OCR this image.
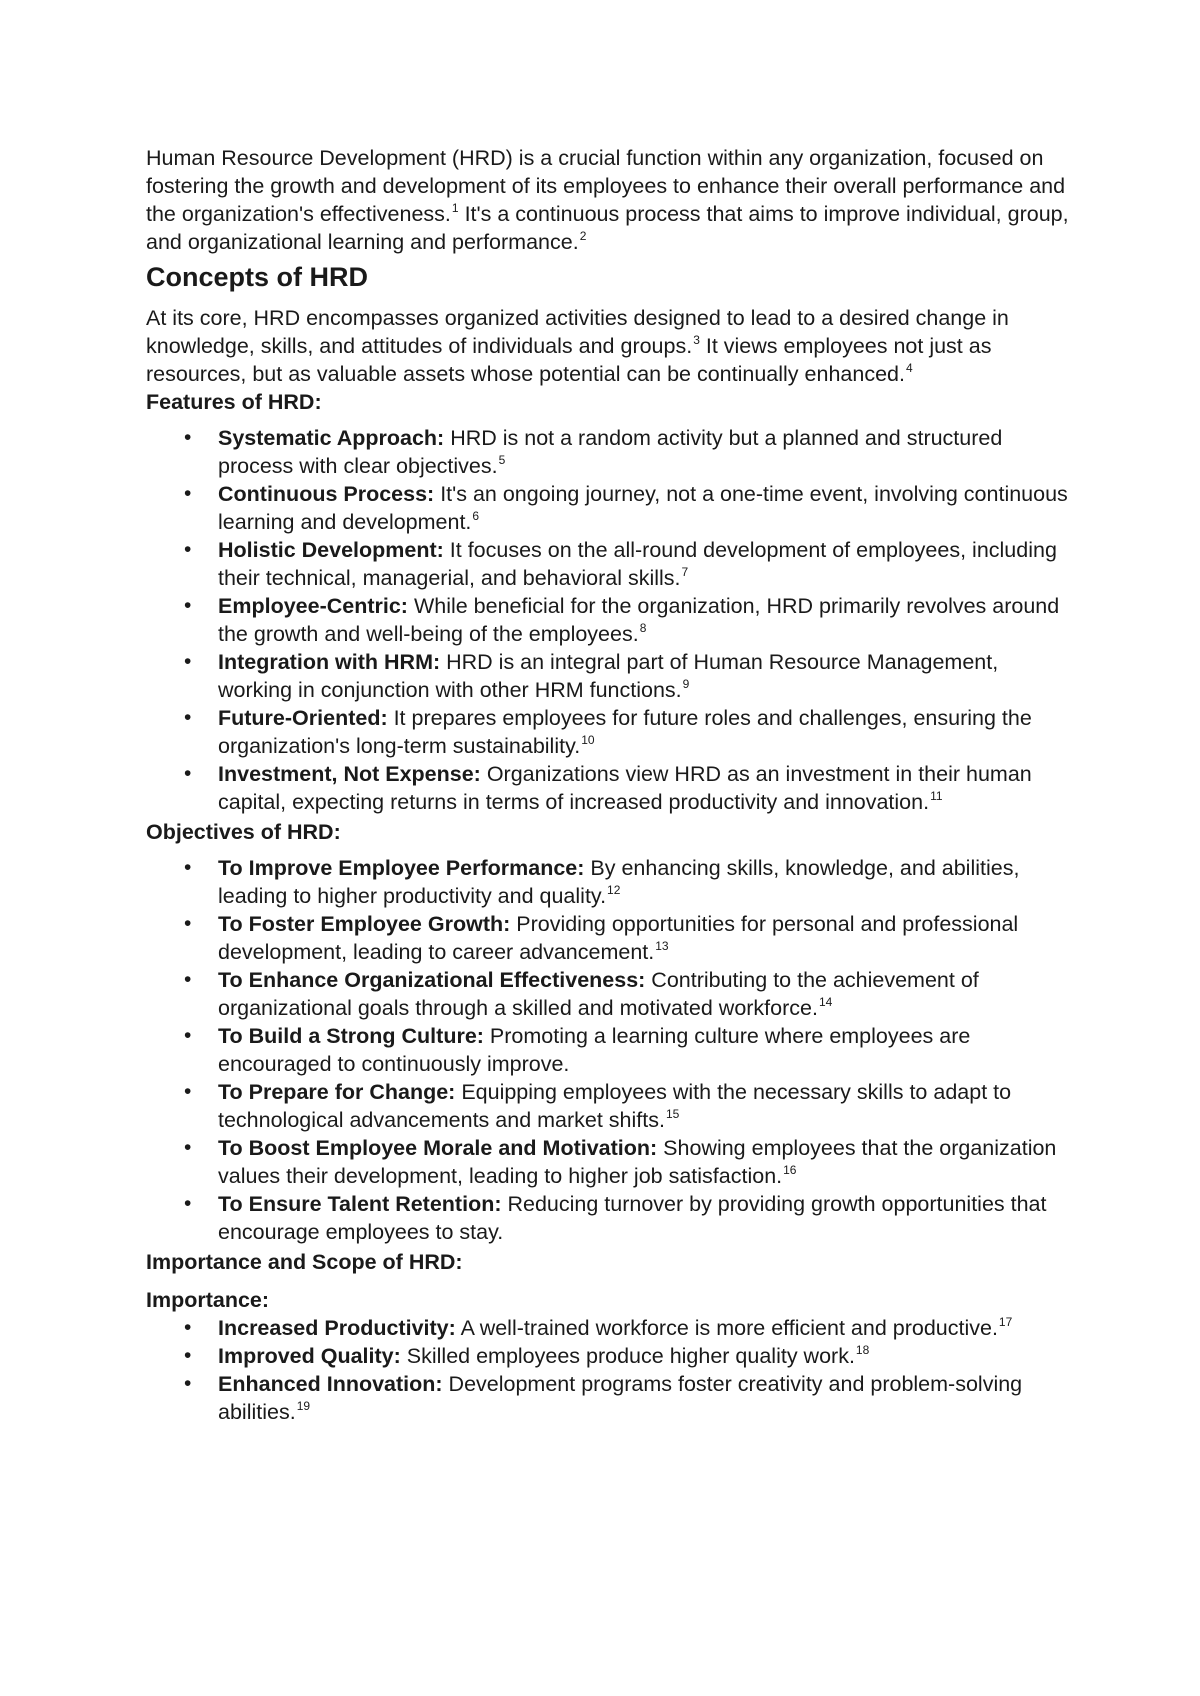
Human Resource Development (HRD) is a crucial function within any organization, focused on fostering the growth and development of its employees to enhance their overall performance and the organization's effectiveness.$^1$ It's a continuous process that aims to improve individual, group, and organizational learning and performance.$^2$

Concepts of HRD

At its core, HRD encompasses organized activities designed to lead to a desired change in knowledge, skills, and attitudes of individuals and groups.$^3$ It views employees not just as resources, but as valuable assets whose potential can be continually enhanced.$^4$

Features of HRD:

• Systematic Approach: HRD is not a random activity but a planned and structured process with clear objectives.$^5$
• Continuous Process: It's an ongoing journey, not a one-time event, involving continuous learning and development.$^6$
• Holistic Development: It focuses on the all-round development of employees, including their technical, managerial, and behavioral skills.$^7$
• Employee-Centric: While beneficial for the organization, HRD primarily revolves around the growth and well-being of the employees.$^8$
• Integration with HRM: HRD is an integral part of Human Resource Management, working in conjunction with other HRM functions.$^9$
• Future-Oriented: It prepares employees for future roles and challenges, ensuring the organization's long-term sustainability.$^{10}$
• Investment, Not Expense: Organizations view HRD as an investment in their human capital, expecting returns in terms of increased productivity and innovation.$^{11}$

Objectives of HRD:

• To Improve Employee Performance: By enhancing skills, knowledge, and abilities, leading to higher productivity and quality.$^{12}$
• To Foster Employee Growth: Providing opportunities for personal and professional development, leading to career advancement.$^{13}$
• To Enhance Organizational Effectiveness: Contributing to the achievement of organizational goals through a skilled and motivated workforce.$^{14}$
• To Build a Strong Culture: Promoting a learning culture where employees are encouraged to continuously improve.
• To Prepare for Change: Equipping employees with the necessary skills to adapt to technological advancements and market shifts.$^{15}$
• To Boost Employee Morale and Motivation: Showing employees that the organization values their development, leading to higher job satisfaction.$^{16}$
• To Ensure Talent Retention: Reducing turnover by providing growth opportunities that encourage employees to stay.

Importance and Scope of HRD:

Importance:

• Increased Productivity: A well-trained workforce is more efficient and productive.$^{17}$
• Improved Quality: Skilled employees produce higher quality work.$^{18}$
• Enhanced Innovation: Development programs foster creativity and problem-solving abilities.$^{19}$
